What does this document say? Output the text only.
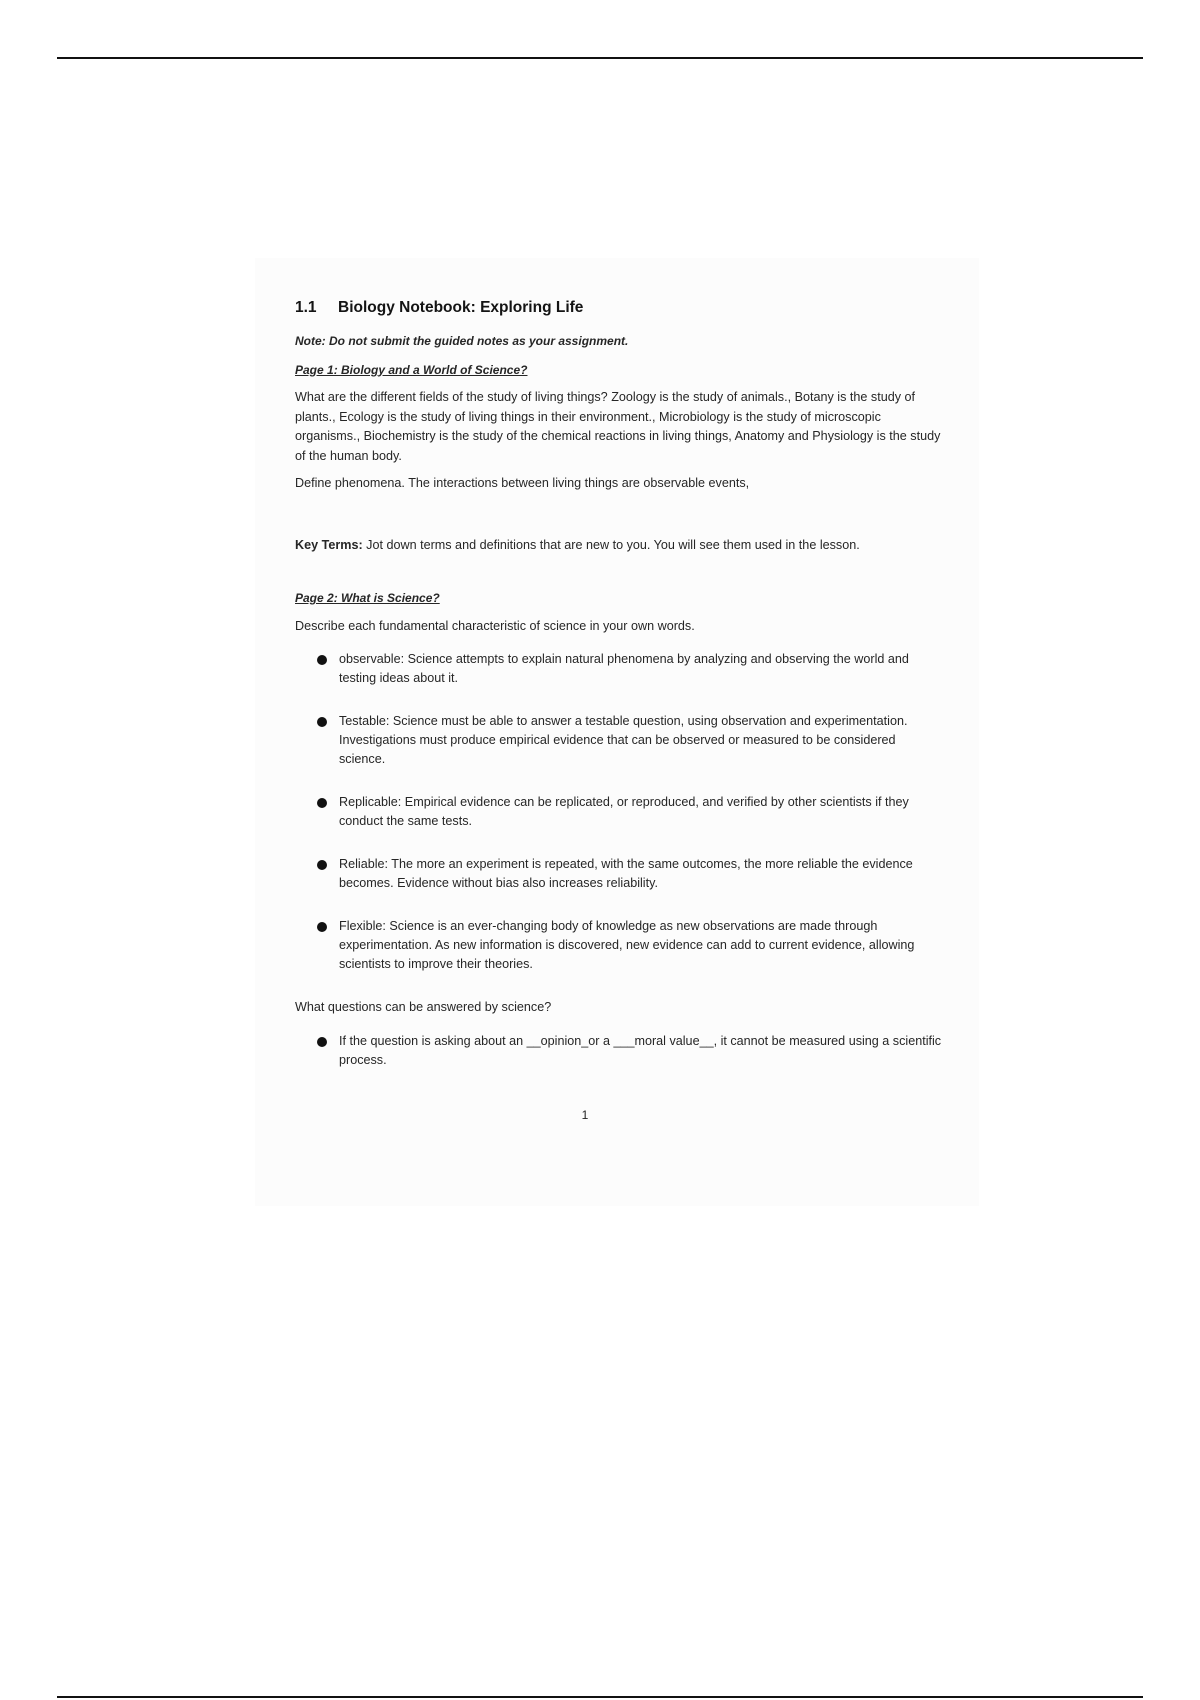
1.1 Biology Notebook: Exploring Life
Note: Do not submit the guided notes as your assignment.
Page 1: Biology and a World of Science?
What are the different fields of the study of living things? Zoology is the study of animals., Botany is the study of plants., Ecology is the study of living things in their environment., Microbiology is the study of microscopic organisms., Biochemistry is the study of the chemical reactions in living things, Anatomy and Physiology is the study of the human body.
Define phenomena. The interactions between living things are observable events,
Key Terms: Jot down terms and definitions that are new to you. You will see them used in the lesson.
Page 2: What is Science?
Describe each fundamental characteristic of science in your own words.
observable: Science attempts to explain natural phenomena by analyzing and observing the world and testing ideas about it.
Testable: Science must be able to answer a testable question, using observation and experimentation. Investigations must produce empirical evidence that can be observed or measured to be considered science.
Replicable: Empirical evidence can be replicated, or reproduced, and verified by other scientists if they conduct the same tests.
Reliable: The more an experiment is repeated, with the same outcomes, the more reliable the evidence becomes. Evidence without bias also increases reliability.
Flexible: Science is an ever-changing body of knowledge as new observations are made through experimentation. As new information is discovered, new evidence can add to current evidence, allowing scientists to improve their theories.
What questions can be answered by science?
If the question is asking about an __opinion_or a ___moral value__, it cannot be measured using a scientific process.
1
